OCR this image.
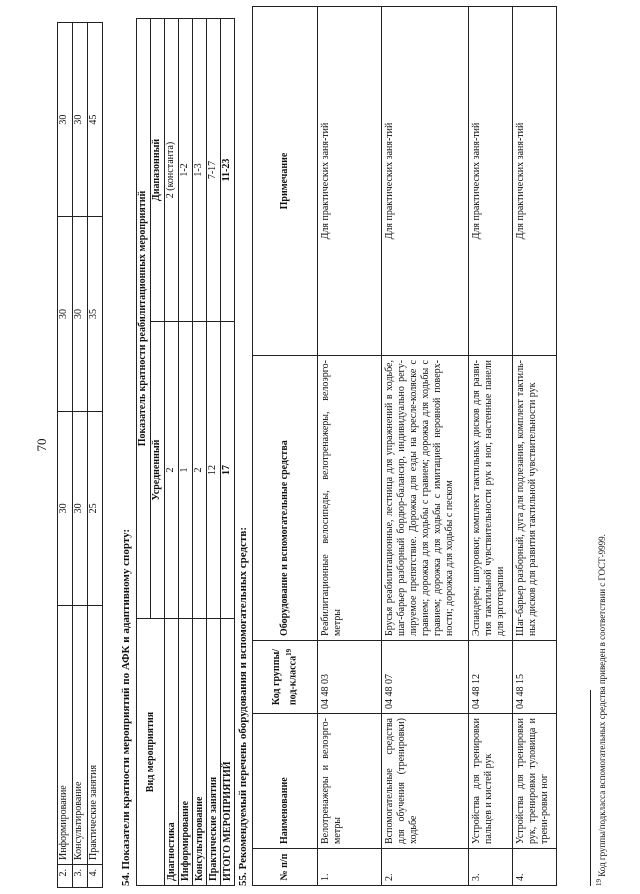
70
2.	Информирование	30	30	30
3.	Консультирование	30	30	30
4.	Практические занятия	25	35	45
54. Показатели кратности мероприятий по АФК и адаптивному спорту: Вид мероприятия	Показатель кратности реабилитационных мероприятий	
	Усредненный	Диапазонный
Диагностика	2	2 (константа)
Информирование	1	1-2
Консультирование	2	1-3
Практические занятия	12	7-17
ИТОГО МЕРОПРИЯТИЙ	17	11-23
55. Рекомендуемый перечень оборудования и вспомогательных средств:	№ п/п	Наименование	Код группы/под-класса$^{19}$	Оборудование и вспомогательные средства	Примечание
1.	Велотренажеры и велоэрго-метры	04 48 03	Реабилитационные велосипеды, велотренажеры, велоэрго-метры	Для практических заня-тий
2.	Вспомогательные средства для обучения (тренировки) ходьбе	04 48 07	Брусья реабилитационные, лестница для упражнений в ходьбе, шаг-барьер разборный бордюр-балансир, индивидуально регу-лируемое препятствие. Дорожка для езды на кресле-коляске с гравием; дорожка для ходьбы с гравием; дорожка для ходьбы с гравием; дорожка для ходьбы с имитацией неровной поверх-ности; дорожка для ходьбы с песком	Для практических заня-тий
3.	Устройства для тренировки пальцев и кистей рук	04 48 12	Эспандеры; шнуровки; комплект тактильных дисков для разви-тия тактильной чувствительности рук и ног, настенные панели для эрготерапии	Для практических заня-тий
4.	Устройства для тренировки рук, тренировки туловища и трени-ровки ног	04 48 15	Шаг-барьер разборный, дуга для подлезания, комплект тактиль-ных дисков для развития тактильной чувствительности рук	Для практических заня-тий
$^{19}$ Код группы/подкласса вспомогательных средства приведен в соответствии с ГОСТ-9999.
